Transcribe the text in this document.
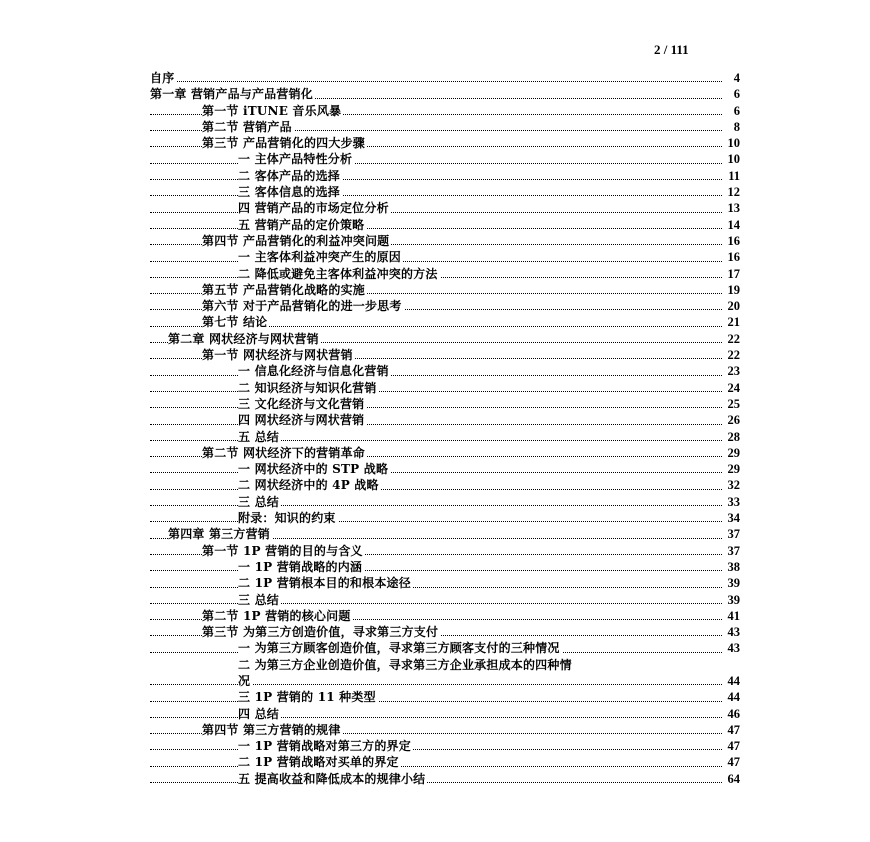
2 / 111
自序	4
第一章 营销产品与产品营销化	6
第一节 iTUNE 音乐风暴	6
第二节 营销产品	8
第三节 产品营销化的四大步骤	10
一 主体产品特性分析	10
二 客体产品的选择	11
三 客体信息的选择	12
四 营销产品的市场定位分析	13
五 营销产品的定价策略	14
第四节 产品营销化的利益冲突问题	16
一 主客体利益冲突产生的原因	16
二 降低或避免主客体利益冲突的方法	17
第五节 产品营销化战略的实施	19
第六节 对于产品营销化的进一步思考	20
第七节 结论	21
第二章 网状经济与网状营销	22
第一节 网状经济与网状营销	22
一 信息化经济与信息化营销	23
二 知识经济与知识化营销	24
三 文化经济与文化营销	25
四 网状经济与网状营销	26
五 总结	28
第二节 网状经济下的营销革命	29
一 网状经济中的 STP 战略	29
二 网状经济中的 4P 战略	32
三 总结	33
附录：知识的约束	34
第四章 第三方营销	37
第一节 1P 营销的目的与含义	37
一 1P 营销战略的内涵	38
二 1P 营销根本目的和根本途径	39
三 总结	39
第二节 1P 营销的核心问题	41
第三节 为第三方创造价值，寻求第三方支付	43
一 为第三方顾客创造价值，寻求第三方顾客支付的三种情况	43
二 为第三方企业创造价值，寻求第三方企业承担成本的四种情
况	44
三 1P 营销的 11 种类型	44
四 总结	46
第四节 第三方营销的规律	47
一 1P 营销战略对第三方的界定	47
二 1P 营销战略对买单的界定	47
五 提高收益和降低成本的规律小结	64
